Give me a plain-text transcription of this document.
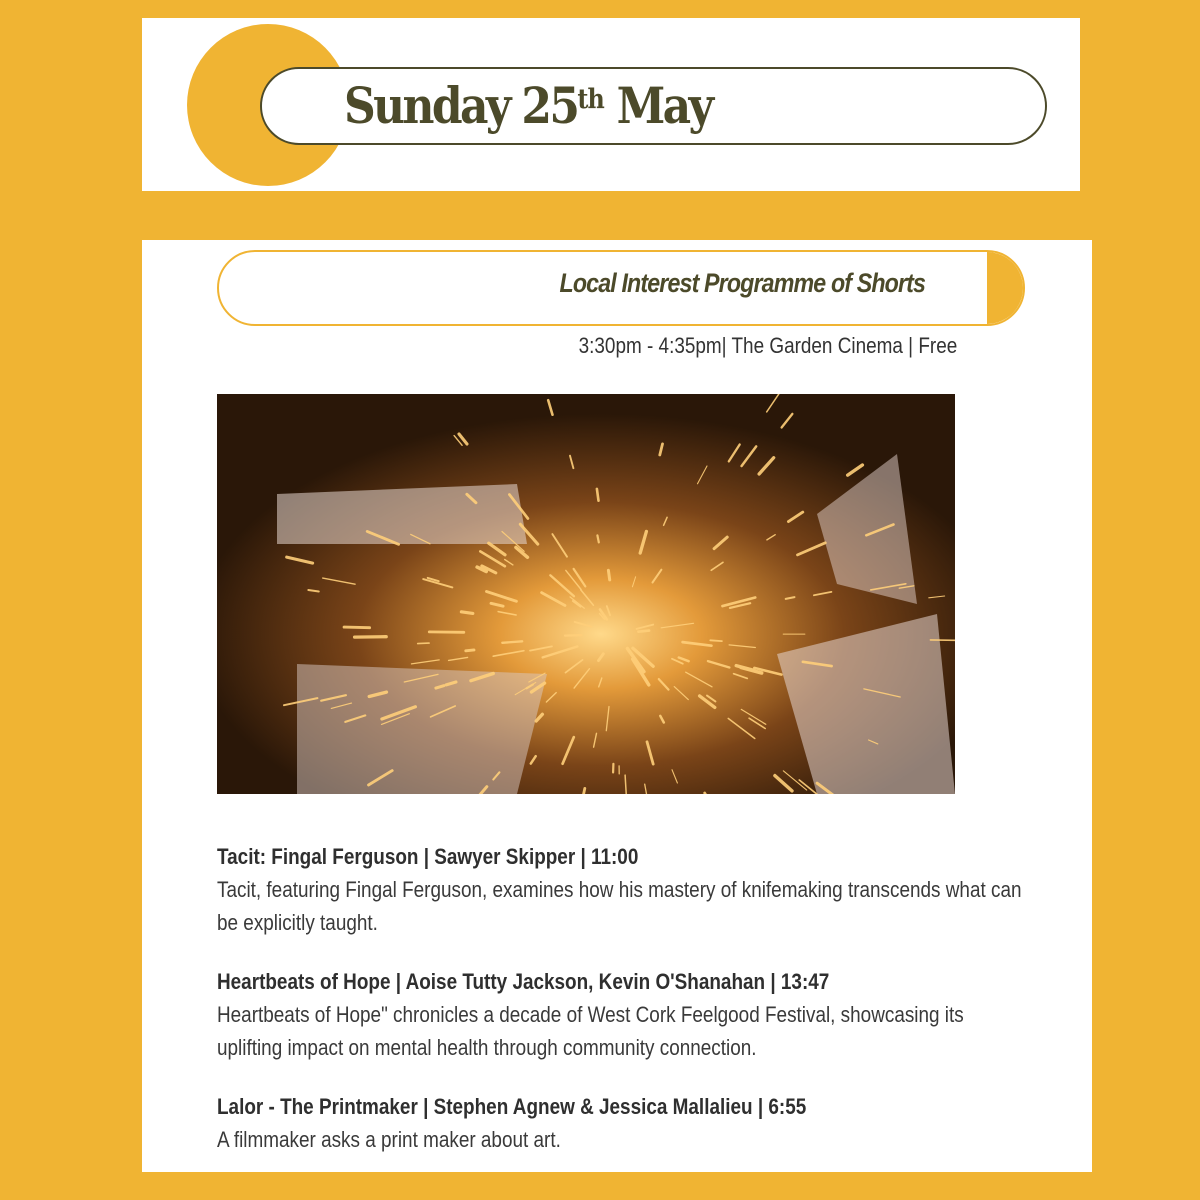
Sunday 25th May
Local Interest Programme of Shorts
3:30pm - 4:35pm| The Garden Cinema | Free
Tacit: Fingal Ferguson | Sawyer Skipper | 11:00
Tacit, featuring Fingal Ferguson, examines how his mastery of knifemaking transcends what can be explicitly taught.
Heartbeats of Hope | Aoise Tutty Jackson, Kevin O'Shanahan | 13:47
Heartbeats of Hope" chronicles a decade of West Cork Feelgood Festival, showcasing its uplifting impact on mental health through community connection.
Lalor - The Printmaker | Stephen Agnew & Jessica Mallalieu | 6:55
A filmmaker asks a print maker about art.
